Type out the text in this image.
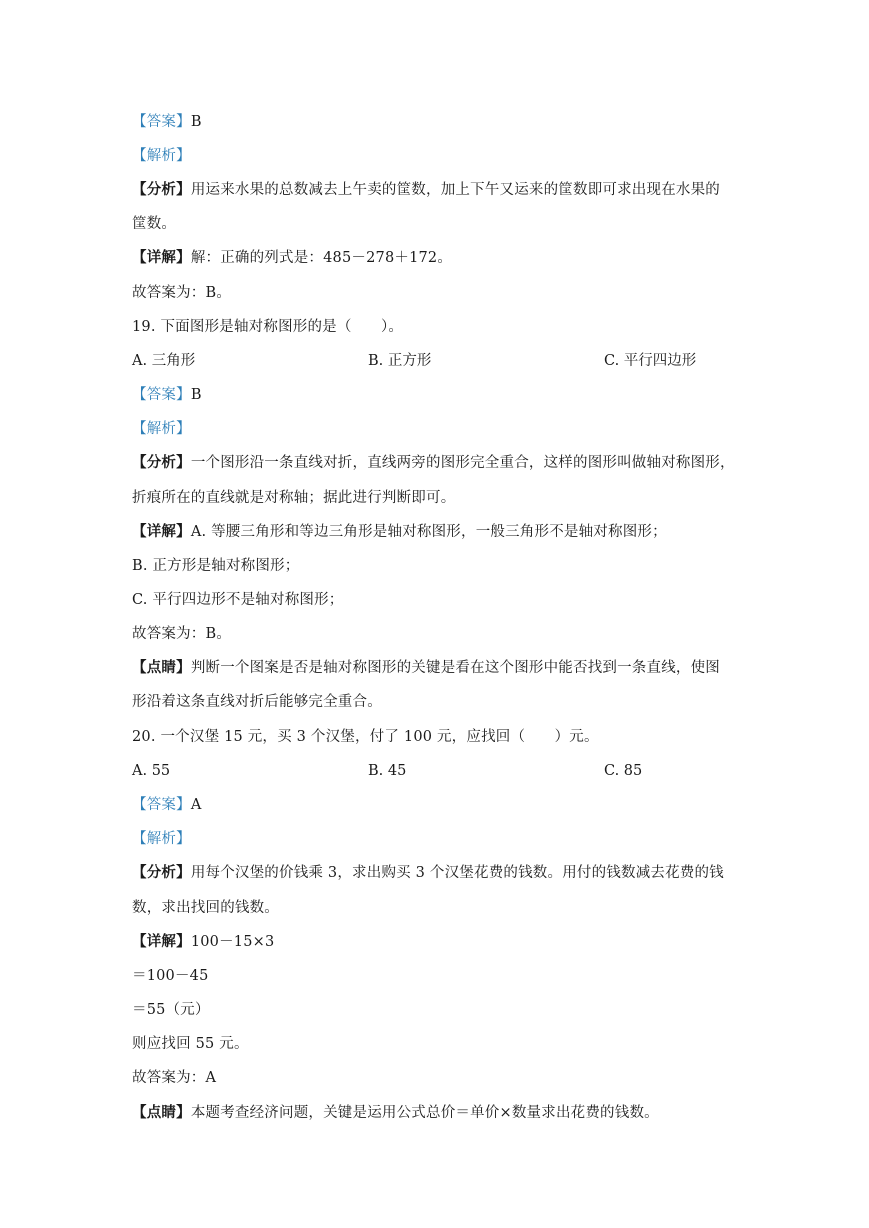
【答案】B
【解析】
【分析】用运来水果的总数减去上午卖的筐数，加上下午又运来的筐数即可求出现在水果的
筐数。
【详解】解：正确的列式是：485－278＋172。
故答案为：B。
19. 下面图形是轴对称图形的是（　　）。
A. 三角形	B. 正方形	C. 平行四边形
【答案】B
【解析】
【分析】一个图形沿一条直线对折，直线两旁的图形完全重合，这样的图形叫做轴对称图形，
折痕所在的直线就是对称轴；据此进行判断即可。
【详解】A. 等腰三角形和等边三角形是轴对称图形，一般三角形不是轴对称图形；
B. 正方形是轴对称图形；
C. 平行四边形不是轴对称图形；
故答案为：B。
【点睛】判断一个图案是否是轴对称图形的关键是看在这个图形中能否找到一条直线，使图
形沿着这条直线对折后能够完全重合。
20. 一个汉堡 15 元，买 3 个汉堡，付了 100 元，应找回（　　）元。
A. 55	B. 45	C. 85
【答案】A
【解析】
【分析】用每个汉堡的价钱乘 3，求出购买 3 个汉堡花费的钱数。用付的钱数减去花费的钱
数，求出找回的钱数。
【详解】100－15×3
＝100－45
＝55（元）
则应找回 55 元。
故答案为：A
【点睛】本题考查经济问题，关键是运用公式总价＝单价×数量求出花费的钱数。
